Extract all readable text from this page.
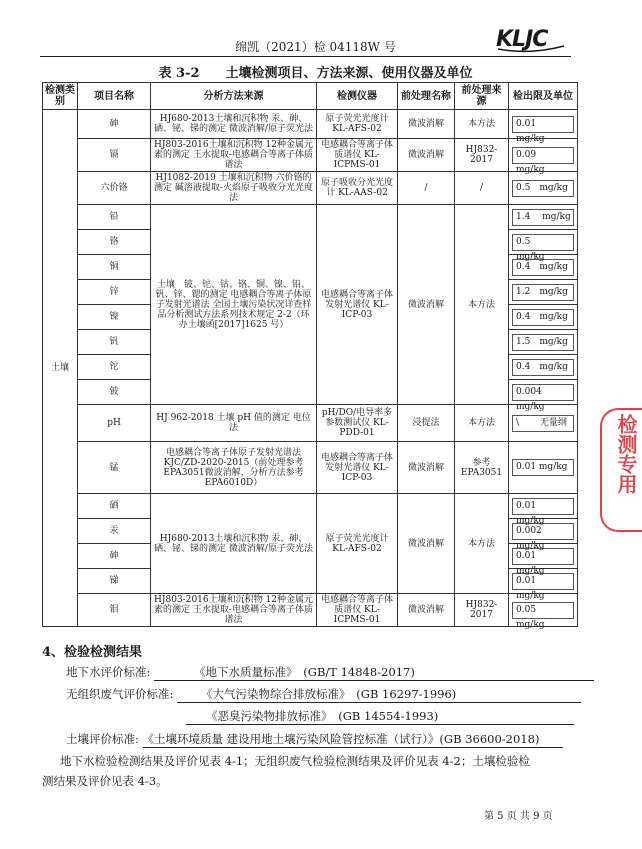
绵凯（2021）检 04118W 号	KLJC
表 3-2　　土壤检测项目、方法来源、使用仪器及单位
检测类别	项目名称	分析方法来源	检测仪器	前处理名称	前处理来源	检出限及单位
土壤	砷	HJ680-2013土壤和沉积物 汞、砷、硒、铋、锑的测定 微波消解/原子荧光法	原子荧光光度计 KL-AFS-02	微波消解	本方法	0.01　 mg/kg

	镉	HJ803-2016土壤和沉积物 12种金属元素的测定 王水提取-电感耦合等离子体质谱法	电感耦合等离子体质谱仪 KL-ICPMS-01	微波消解	HJ832-2017	0.09　 mg/kg

	六价铬	HJ1082-2019 土壤和沉积物 六价铬的测定 碱溶液提取-火焰原子吸收分光光度法	原子吸收分光光度计 KL-AAS-02	/	/	0.5　mg/kg

	铅	土壤　铍、铊、钴、铬、铜、镍、铅、钒、锌、锶的测定 电感耦合等离子体原子发射光谱法 全国土壤污染状况详查样品分析测试方法系列技术规定 2-2（环办土壤函[2017]1625 号）	电感耦合等离子体发射光谱仪 KL-ICP-03	微波消解	本方法	1.4　 mg/kg

	铬					0.5　　 mg/kg

	铜					0.4　mg/kg

	锌					1.2　mg/kg

	镍					0.4　mg/kg

	钒					1.5　mg/kg

	铊					0.4　mg/kg

	铍					0.004　mg/kg

	pH	HJ 962-2018 土壤 pH 值的测定 电位法	pH/DO/电导率多参数测试仪 KL-PDD-01	浸提法	本方法	\　　 无量纲

	锰	电感耦合等离子体原子发射光谱法 KJC/ZD-2020-2015（前处理参考EPA3051微波消解，分析方法参考EPA6010D）	电感耦合等离子体发射光谱仪 KL-ICP-03	微波消解	参考 EPA3051	0.01 mg/kg

	硒	HJ680-2013土壤和沉积物 汞、砷、硒、铋、锑的测定 微波消解/原子荧光法	原子荧光光度计 KL-AFS-02	微波消解	本方法	0.01　mg/kg

	汞					0.002　mg/kg

	砷					0.01　mg/kg

	锑					0.01　mg/kg

	钼	HJ803-2016土壤和沉积物 12种金属元素的测定 王水提取-电感耦合等离子体质谱法	电感耦合等离子体质谱仪 KL-ICPMS-01	微波消解	HJ832-2017	0.05　 mg/kg
检测专用
4、检验检测结果
地下水评价标准:	《地下水质量标准》　(GB/T 14848-2017)
无组织废气评价标准: 《大气污染物综合排放标准》　(GB 16297-1996)
《恶臭污染物排放标准》　(GB 14554-1993)
土壤评价标准: 《土壤环境质量 建设用地土壤污染风险管控标准（试行）》(GB 36600-2018)
地下水检验检测结果及评价见表 4-1；无组织废气检验检测结果及评价见表 4-2；土壤检验检
测结果及评价见表 4-3。
第 5 页 共 9 页
